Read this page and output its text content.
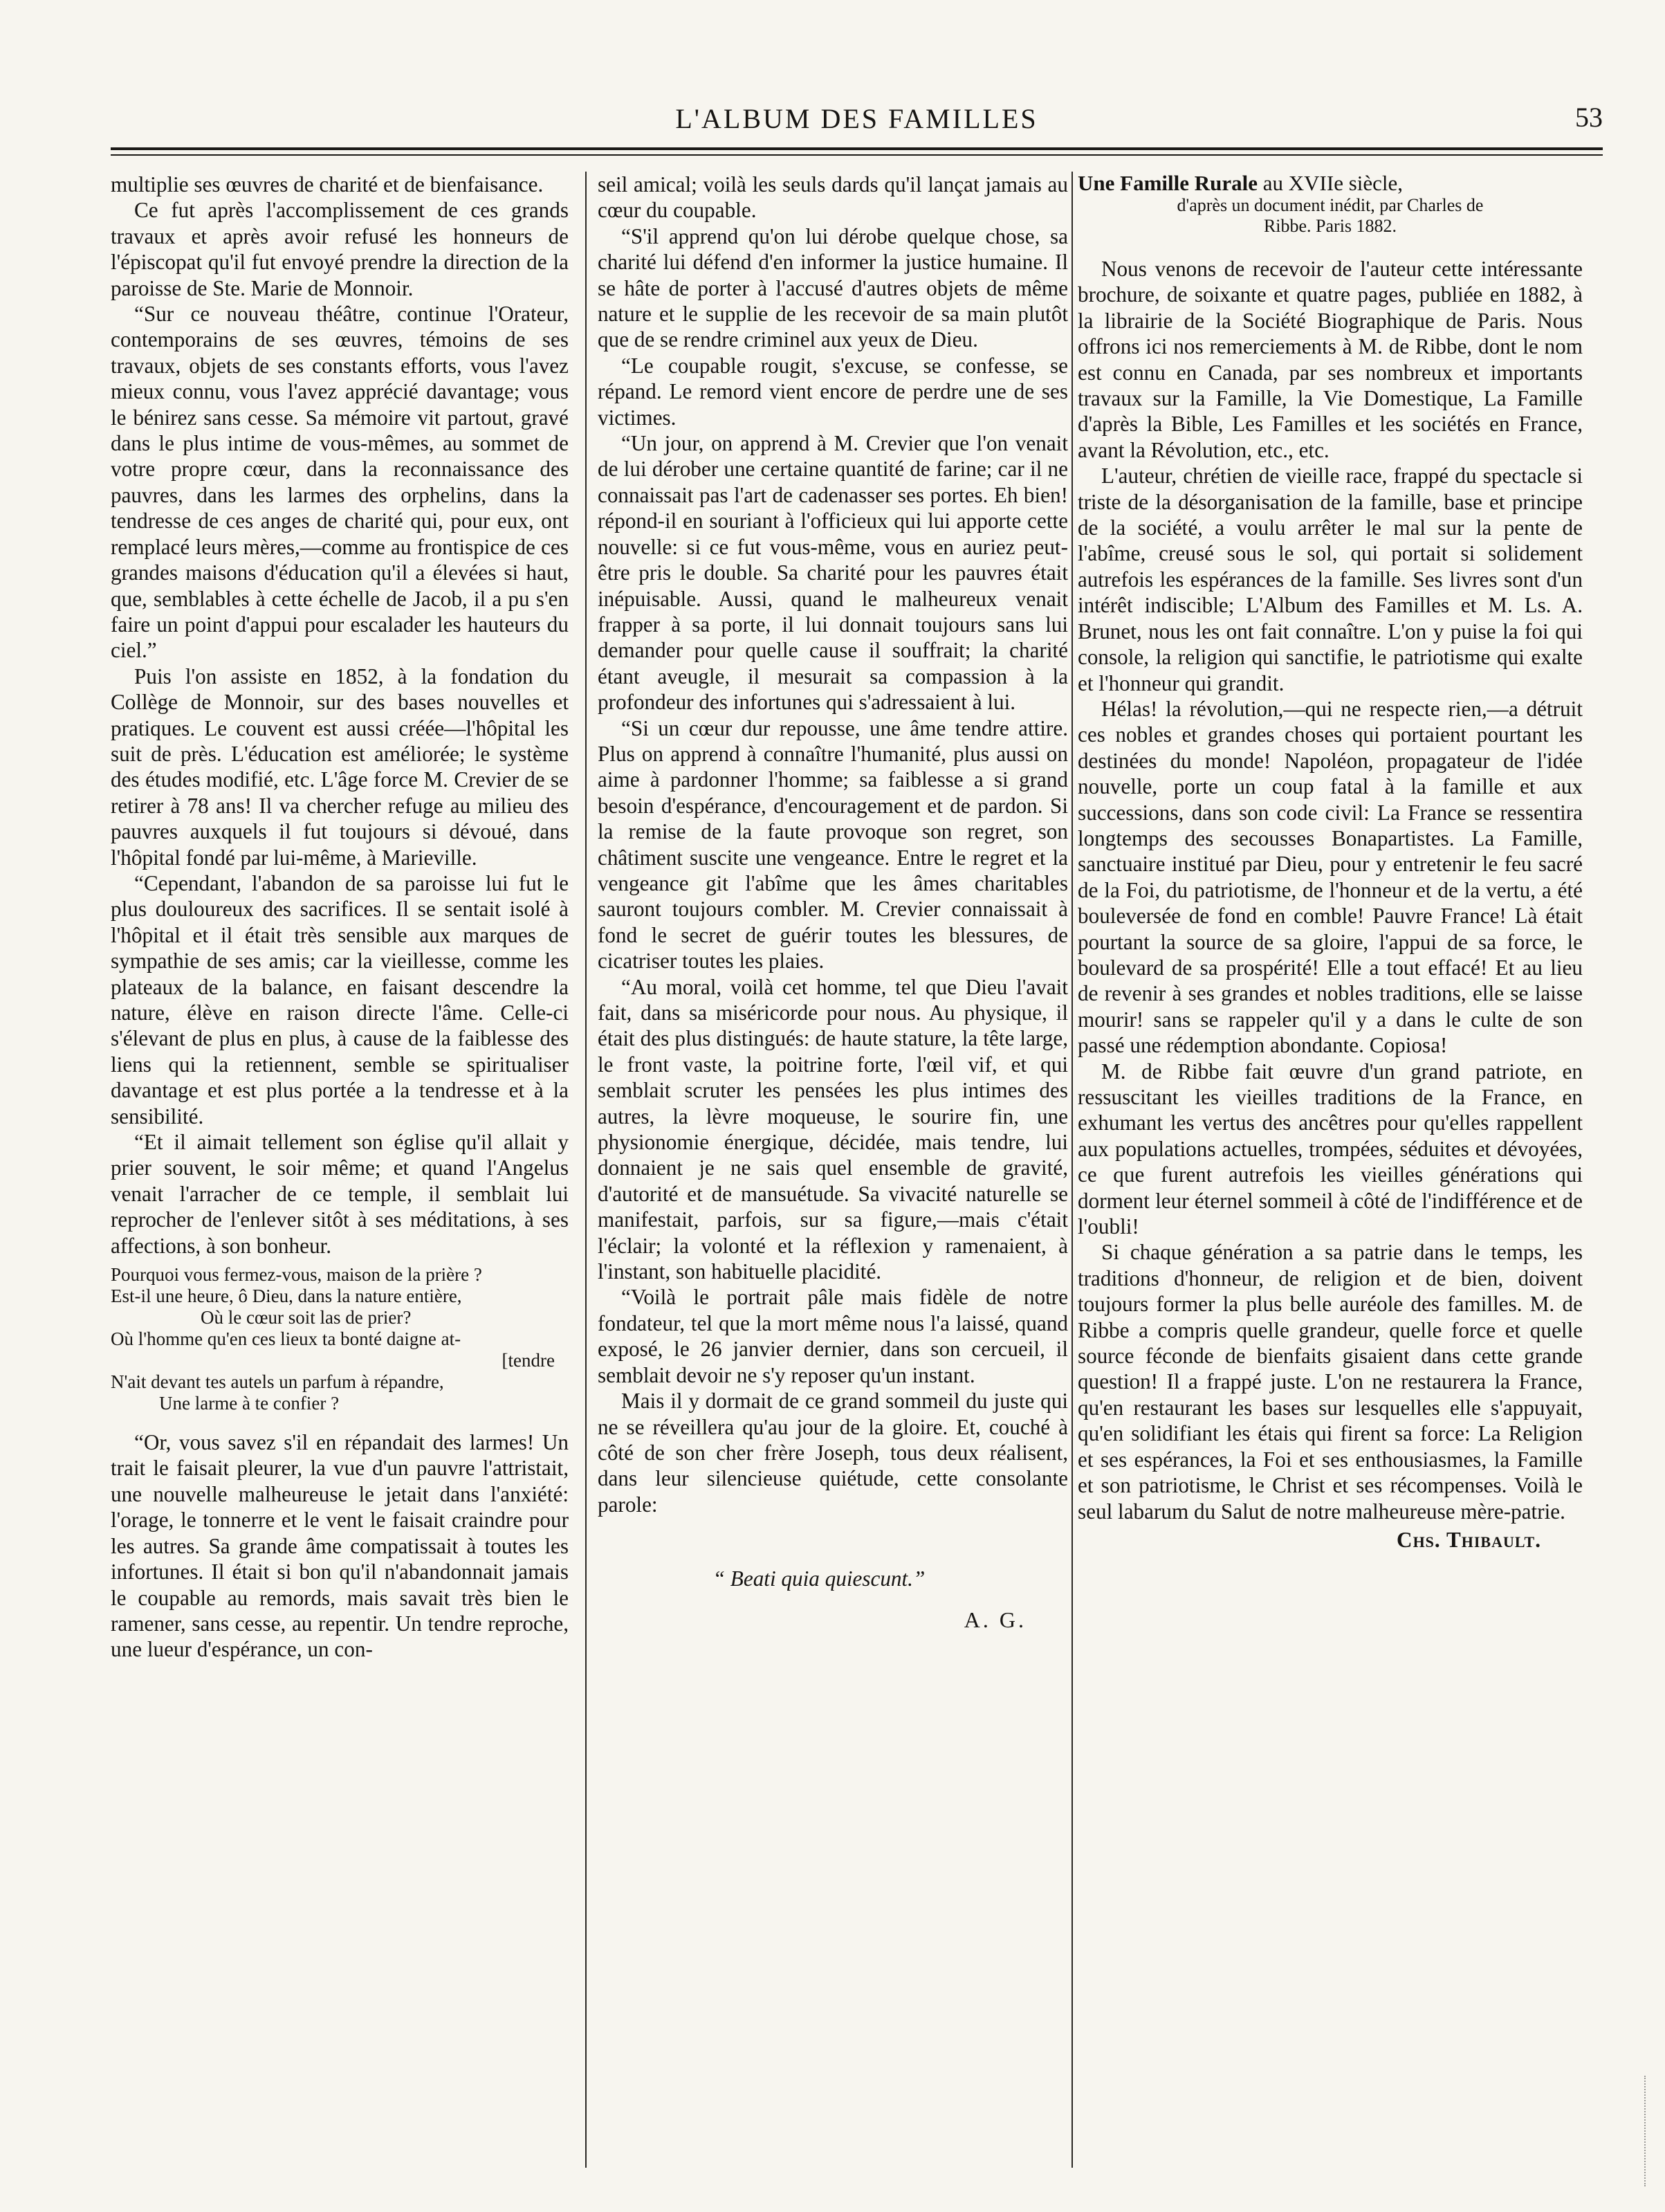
L'ALBUM DES FAMILLES	53

multiplie ses œuvres de charité et de bienfaisance.

Ce fut après l'accomplissement de ces grands travaux et après avoir refusé les honneurs de l'épiscopat qu'il fut envoyé prendre la direction de la paroisse de Ste. Marie de Monnoir.

“Sur ce nouveau théâtre, continue l'Orateur, contemporains de ses œuvres, témoins de ses travaux, objets de ses constants efforts, vous l'avez mieux connu, vous l'avez apprécié davantage; vous le bénirez sans cesse. Sa mémoire vit partout, gravé dans le plus intime de vous-mêmes, au sommet de votre propre cœur, dans la reconnaissance des pauvres, dans les larmes des orphelins, dans la tendresse de ces anges de charité qui, pour eux, ont remplacé leurs mères,—comme au frontispice de ces grandes maisons d'éducation qu'il a élevées si haut, que, semblables à cette échelle de Jacob, il a pu s'en faire un point d'appui pour escalader les hauteurs du ciel.”

Puis l'on assiste en 1852, à la fondation du Collège de Monnoir, sur des bases nouvelles et pratiques. Le couvent est aussi créée—l'hôpital les suit de près. L'éducation est améliorée; le système des études modifié, etc. L'âge force M. Crevier de se retirer à 78 ans! Il va chercher refuge au milieu des pauvres auxquels il fut toujours si dévoué, dans l'hôpital fondé par lui-même, à Marieville.

“Cependant, l'abandon de sa paroisse lui fut le plus douloureux des sacrifices. Il se sentait isolé à l'hôpital et il était très sensible aux marques de sympathie de ses amis; car la vieillesse, comme les plateaux de la balance, en faisant descendre la nature, élève en raison directe l'âme. Celle-ci s'élevant de plus en plus, à cause de la faiblesse des liens qui la retiennent, semble se spiritualiser davantage et est plus portée a la tendresse et à la sensibilité.

“Et il aimait tellement son église qu'il allait y prier souvent, le soir même; et quand l'Angelus venait l'arracher de ce temple, il semblait lui reprocher de l'enlever sitôt à ses méditations, à ses affections, à son bonheur.

Pourquoi vous fermez-vous, maison de la prière ?
Est-il une heure, ô Dieu, dans la nature entière,
Où le cœur soit las de prier?
Où l'homme qu'en ces lieux ta bonté daigne at-
[tendre
N'ait devant tes autels un parfum à répandre,
Une larme à te confier ?

“Or, vous savez s'il en répandait des larmes! Un trait le faisait pleurer, la vue d'un pauvre l'attristait, une nouvelle malheureuse le jetait dans l'anxiété: l'orage, le tonnerre et le vent le faisait craindre pour les autres. Sa grande âme compatissait à toutes les infortunes. Il était si bon qu'il n'abandonnait jamais le coupable au remords, mais savait très bien le ramener, sans cesse, au repentir. Un tendre reproche, une lueur d'espérance, un con-

seil amical; voilà les seuls dards qu'il lançat jamais au cœur du coupable.

“S'il apprend qu'on lui dérobe quelque chose, sa charité lui défend d'en informer la justice humaine. Il se hâte de porter à l'accusé d'autres objets de même nature et le supplie de les recevoir de sa main plutôt que de se rendre criminel aux yeux de Dieu.

“Le coupable rougit, s'excuse, se confesse, se répand. Le remord vient encore de perdre une de ses victimes.

“Un jour, on apprend à M. Crevier que l'on venait de lui dérober une certaine quantité de farine; car il ne connaissait pas l'art de cadenasser ses portes. Eh bien! répond-il en souriant à l'officieux qui lui apporte cette nouvelle: si ce fut vous-même, vous en auriez peut-être pris le double. Sa charité pour les pauvres était inépuisable. Aussi, quand le malheureux venait frapper à sa porte, il lui donnait toujours sans lui demander pour quelle cause il souffrait; la charité étant aveugle, il mesurait sa compassion à la profondeur des infortunes qui s'adressaient à lui.

“Si un cœur dur repousse, une âme tendre attire. Plus on apprend à connaître l'humanité, plus aussi on aime à pardonner l'homme; sa faiblesse a si grand besoin d'espérance, d'encouragement et de pardon. Si la remise de la faute provoque son regret, son châtiment suscite une vengeance. Entre le regret et la vengeance git l'abîme que les âmes charitables sauront toujours combler. M. Crevier connaissait à fond le secret de guérir toutes les blessures, de cicatriser toutes les plaies.

“Au moral, voilà cet homme, tel que Dieu l'avait fait, dans sa miséricorde pour nous. Au physique, il était des plus distingués: de haute stature, la tête large, le front vaste, la poitrine forte, l'œil vif, et qui semblait scruter les pensées les plus intimes des autres, la lèvre moqueuse, le sourire fin, une physionomie énergique, décidée, mais tendre, lui donnaient je ne sais quel ensemble de gravité, d'autorité et de mansuétude. Sa vivacité naturelle se manifestait, parfois, sur sa figure,—mais c'était l'éclair; la volonté et la réflexion y ramenaient, à l'instant, son habituelle placidité.

“Voilà le portrait pâle mais fidèle de notre fondateur, tel que la mort même nous l'a laissé, quand exposé, le 26 janvier dernier, dans son cercueil, il semblait devoir ne s'y reposer qu'un instant.

Mais il y dormait de ce grand sommeil du juste qui ne se réveillera qu'au jour de la gloire. Et, couché à côté de son cher frère Joseph, tous deux réalisent, dans leur silencieuse quiétude, cette consolante parole:

“ Beati quia quiescunt.”
A. G.
Une Famille Rurale au XVIIe siècle,
d'après un document inédit, par Charles de
Ribbe. Paris 1882.

Nous venons de recevoir de l'auteur cette intéressante brochure, de soixante et quatre pages, publiée en 1882, à la librairie de la Société Biographique de Paris. Nous offrons ici nos remerciements à M. de Ribbe, dont le nom est connu en Canada, par ses nombreux et importants travaux sur la Famille, la Vie Domestique, La Famille d'après la Bible, Les Familles et les sociétés en France, avant la Révolution, etc., etc.

L'auteur, chrétien de vieille race, frappé du spectacle si triste de la désorganisation de la famille, base et principe de la société, a voulu arrêter le mal sur la pente de l'abîme, creusé sous le sol, qui portait si solidement autrefois les espérances de la famille. Ses livres sont d'un intérêt indiscible; L'Album des Familles et M. Ls. A. Brunet, nous les ont fait connaître. L'on y puise la foi qui console, la religion qui sanctifie, le patriotisme qui exalte et l'honneur qui grandit.

Hélas! la révolution,—qui ne respecte rien,—a détruit ces nobles et grandes choses qui portaient pourtant les destinées du monde! Napoléon, propagateur de l'idée nouvelle, porte un coup fatal à la famille et aux successions, dans son code civil: La France se ressentira longtemps des secousses Bonapartistes. La Famille, sanctuaire institué par Dieu, pour y entretenir le feu sacré de la Foi, du patriotisme, de l'honneur et de la vertu, a été bouleversée de fond en comble! Pauvre France! Là était pourtant la source de sa gloire, l'appui de sa force, le boulevard de sa prospérité! Elle a tout effacé! Et au lieu de revenir à ses grandes et nobles traditions, elle se laisse mourir! sans se rappeler qu'il y a dans le culte de son passé une rédemption abondante. Copiosa!

M. de Ribbe fait œuvre d'un grand patriote, en ressuscitant les vieilles traditions de la France, en exhumant les vertus des ancêtres pour qu'elles rappellent aux populations actuelles, trompées, séduites et dévoyées, ce que furent autrefois les vieilles générations qui dorment leur éternel sommeil à côté de l'indifférence et de l'oubli!

Si chaque génération a sa patrie dans le temps, les traditions d'honneur, de religion et de bien, doivent toujours former la plus belle auréole des familles. M. de Ribbe a compris quelle grandeur, quelle force et quelle source féconde de bienfaits gisaient dans cette grande question! Il a frappé juste. L'on ne restaurera la France, qu'en restaurant les bases sur lesquelles elle s'appuyait, qu'en solidifiant les étais qui firent sa force: La Religion et ses espérances, la Foi et ses enthousiasmes, la Famille et son patriotisme, le Christ et ses récompenses. Voilà le seul labarum du Salut de notre malheureuse mère-patrie.

Chs. Thibault.
